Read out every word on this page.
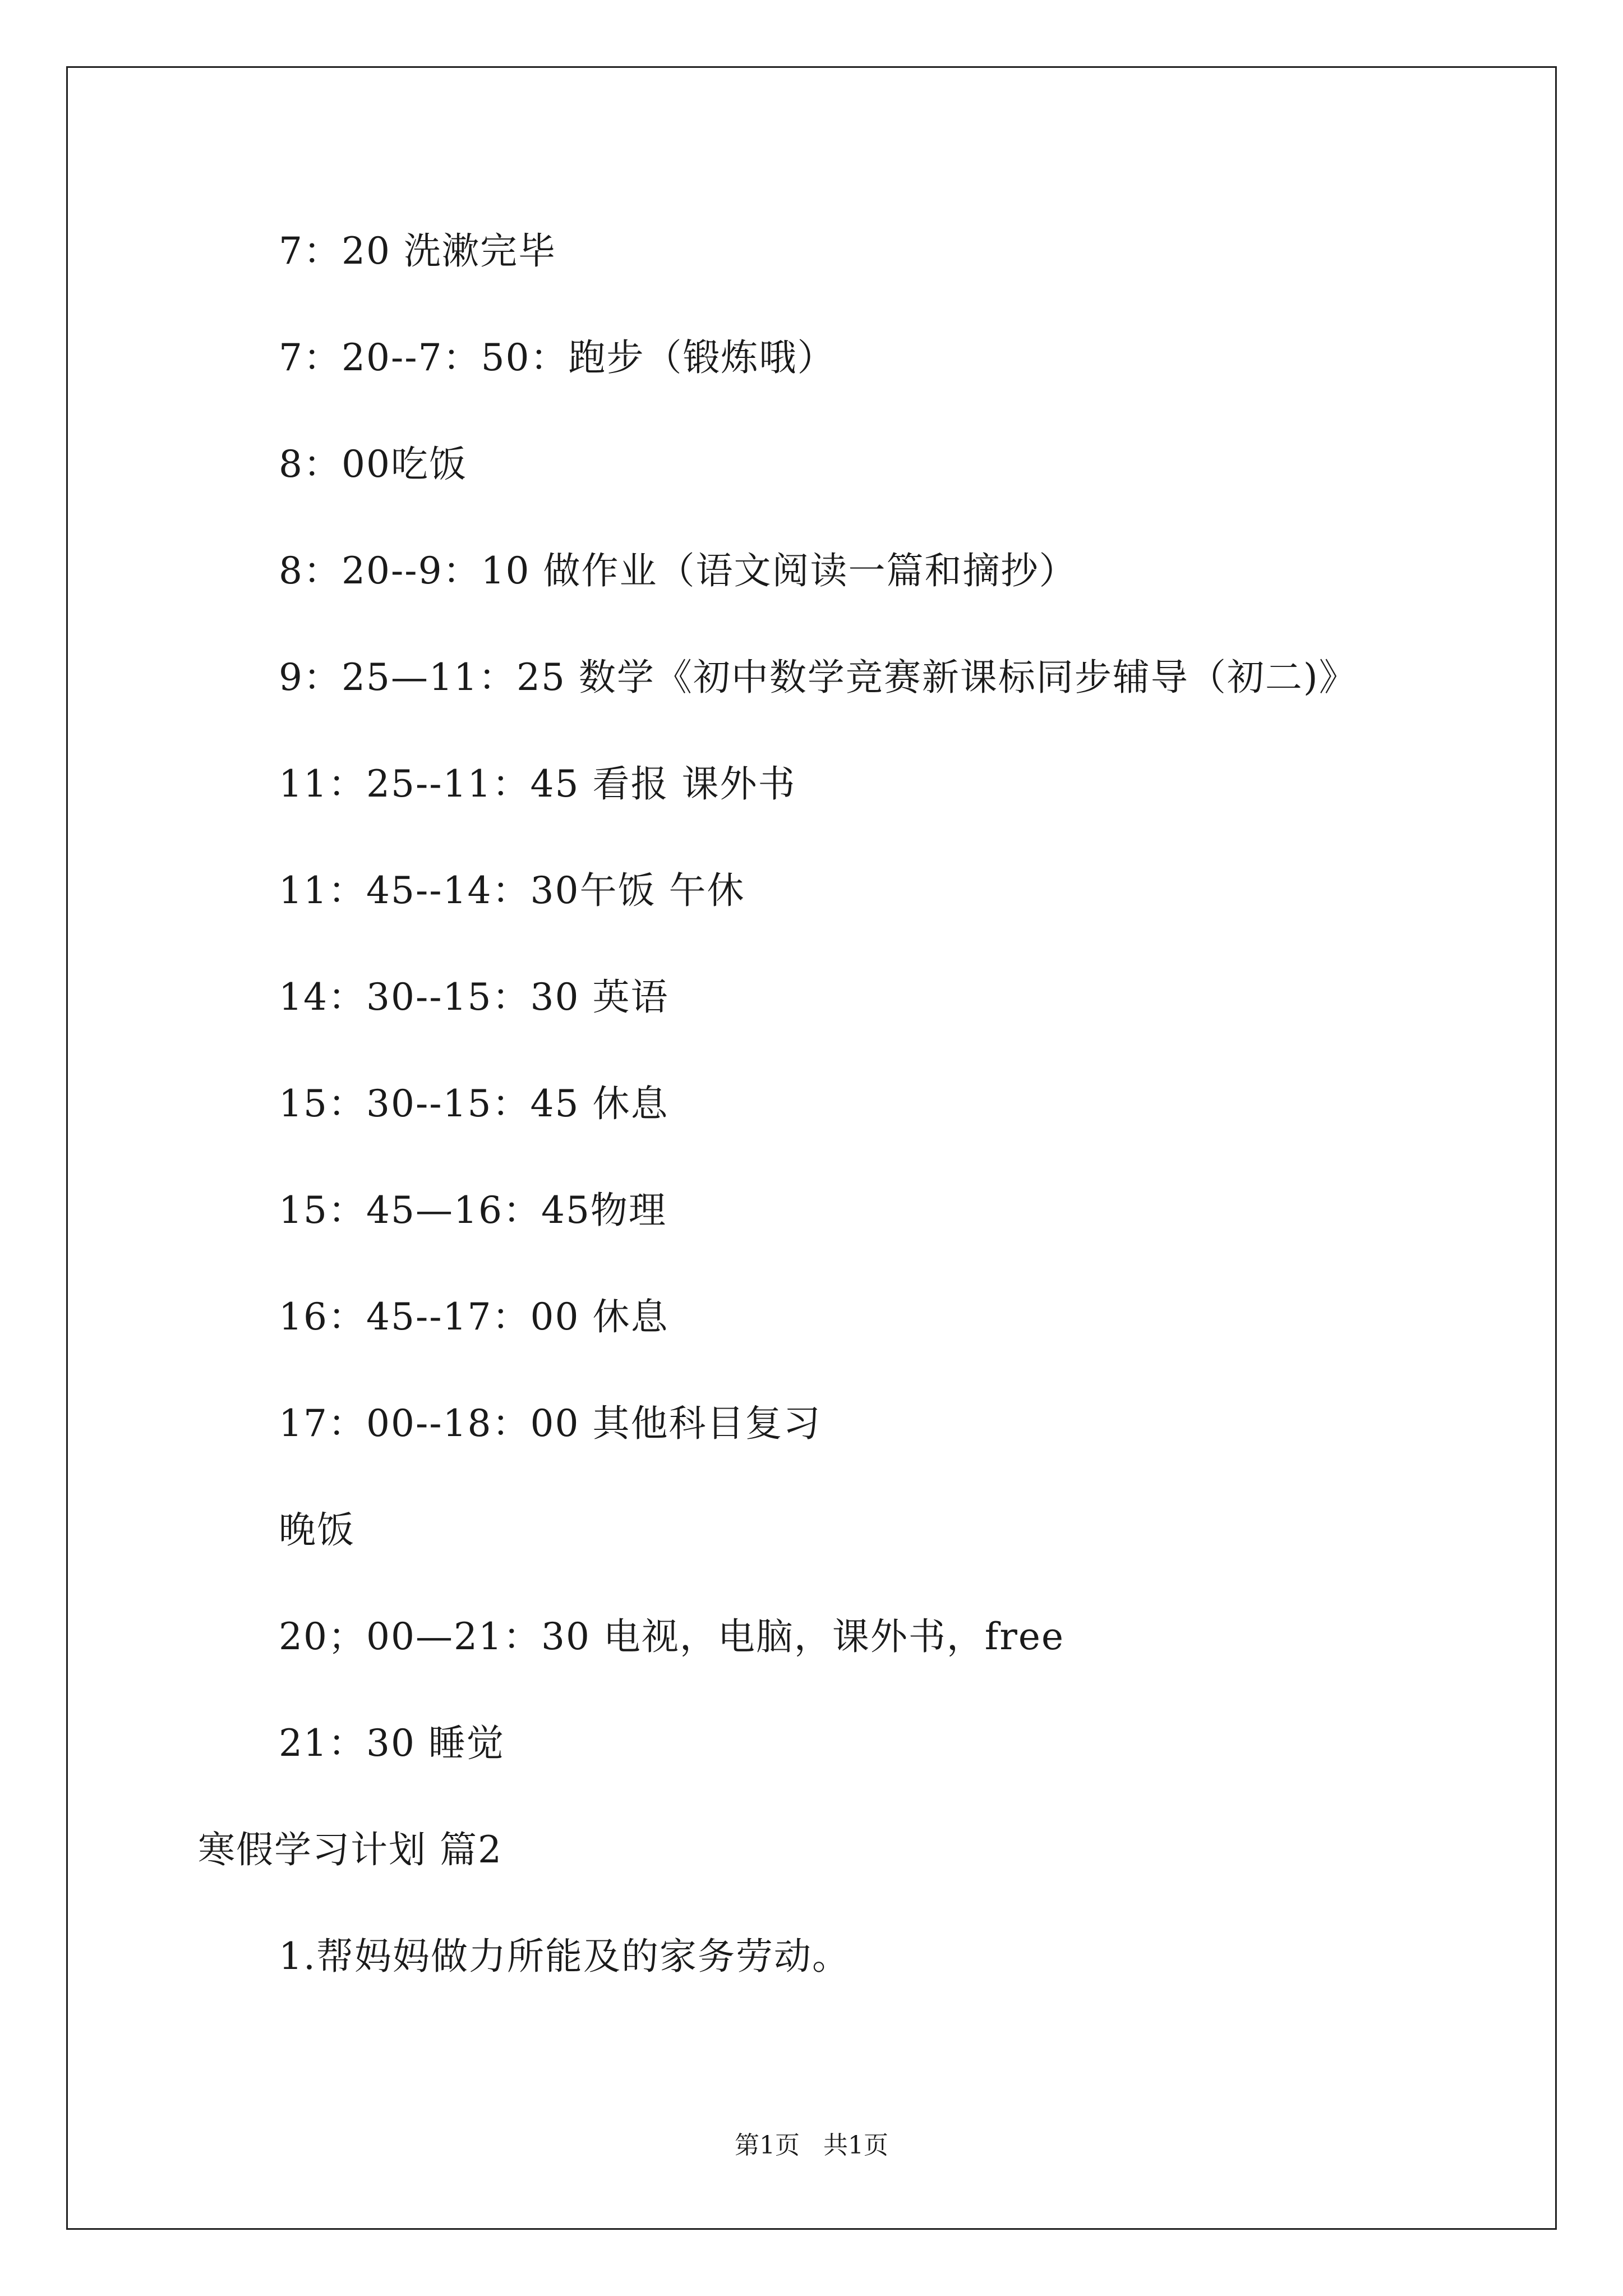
7：20 洗漱完毕
7：20--7：50：跑步（锻炼哦）
8：00吃饭
8：20--9：10 做作业（语文阅读一篇和摘抄）
9：25—11：25 数学《初中数学竞赛新课标同步辅导（初二)》
11：25--11：45 看报 课外书
11：45--14：30午饭 午休
14：30--15：30 英语
15：30--15：45 休息
15：45—16：45物理
16：45--17：00 休息
17：00--18：00 其他科目复习
晚饭
20；00—21：30 电视，电脑，课外书，free
21：30 睡觉
寒假学习计划 篇2
1.帮妈妈做力所能及的家务劳动。
第1页   共1页
